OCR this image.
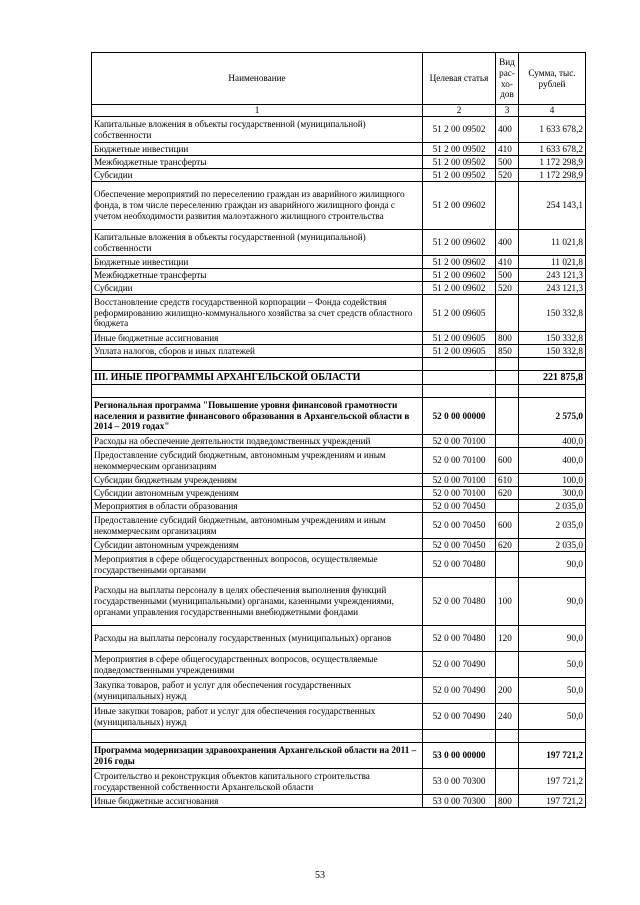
Наименование	Целевая статья	Вид рас-хо-дов	Сумма, тыс. рублей
1	2	3	4
Капитальные вложения в объекты государственной (муниципальной) собственности	51 2 00 09502	400	1 633 678,2
Бюджетные инвестиции	51 2 00 09502	410	1 633 678,2
Межбюджетные трансферты	51 2 00 09502	500	1 172 298,9
Субсидии	51 2 00 09502	520	1 172 298,9
Обеспечение мероприятий по переселению граждан из аварийного жилищного фонда, в том числе переселению граждан из аварийного жилищного фонда с учетом необходимости развития малоэтажного жилищного строительства	51 2 00 09602		254 143,1
Капитальные вложения в объекты государственной (муниципальной) собственности	51 2 00 09602	400	11 021,8
Бюджетные инвестиции	51 2 00 09602	410	11 021,8
Межбюджетные трансферты	51 2 00 09602	500	243 121,3
Субсидии	51 2 00 09602	520	243 121,3
Восстановление средств государственной корпорации – Фонда содействия реформированию жилищно-коммунального хозяйства за счет средств областного бюджета	51 2 00 09605		150 332,8
Иные бюджетные ассигнования	51 2 00 09605	800	150 332,8
Уплата налогов, сборов и иных платежей	51 2 00 09605	850	150 332,8

III. ИНЫЕ ПРОГРАММЫ АРХАНГЕЛЬСКОЙ ОБЛАСТИ			221 875,8

Региональная программа "Повышение уровня финансовой грамотности населения и развитие финансового образования в Архангельской области в 2014 – 2019 годах"	52 0 00 00000		2 575,0
Расходы на обеспечение деятельности подведомственных учреждений	52 0 00 70100		400,0
Предоставление субсидий бюджетным, автономным учреждениям и иным некоммерческим организациям	52 0 00 70100	600	400,0
Субсидии бюджетным учреждениям	52 0 00 70100	610	100,0
Субсидии автономным учреждениям	52 0 00 70100	620	300,0
Мероприятия в области образования	52 0 00 70450		2 035,0
Предоставление субсидий бюджетным, автономным учреждениям и иным некоммерческим организациям	52 0 00 70450	600	2 035,0
Субсидии автономным учреждениям	52 0 00 70450	620	2 035,0
Мероприятия в сфере общегосударственных вопросов, осуществляемые государственными органами	52 0 00 70480		90,0
Расходы на выплаты персоналу в целях обеспечения выполнения функций государственными (муниципальными) органами, казенными учреждениями, органами управления государственными внебюджетными фондами	52 0 00 70480	100	90,0
Расходы на выплаты персоналу государственных (муниципальных) органов	52 0 00 70480	120	90,0
Мероприятия в сфере общегосударственных вопросов, осуществляемые подведомственными учреждениями	52 0 00 70490		50,0
Закупка товаров, работ и услуг для обеспечения государственных (муниципальных) нужд	52 0 00 70490	200	50,0
Иные закупки товаров, работ и услуг для обеспечения государственных (муниципальных) нужд	52 0 00 70490	240	50,0

Программа модернизации здравоохранения Архангельской области на 2011 – 2016 годы	53 0 00 00000		197 721,2
Строительство и реконструкция объектов капитального строительства государственной собственности Архангельской области	53 0 00 70300		197 721,2
Иные бюджетные ассигнования	53 0 00 70300	800	197 721,2
53
